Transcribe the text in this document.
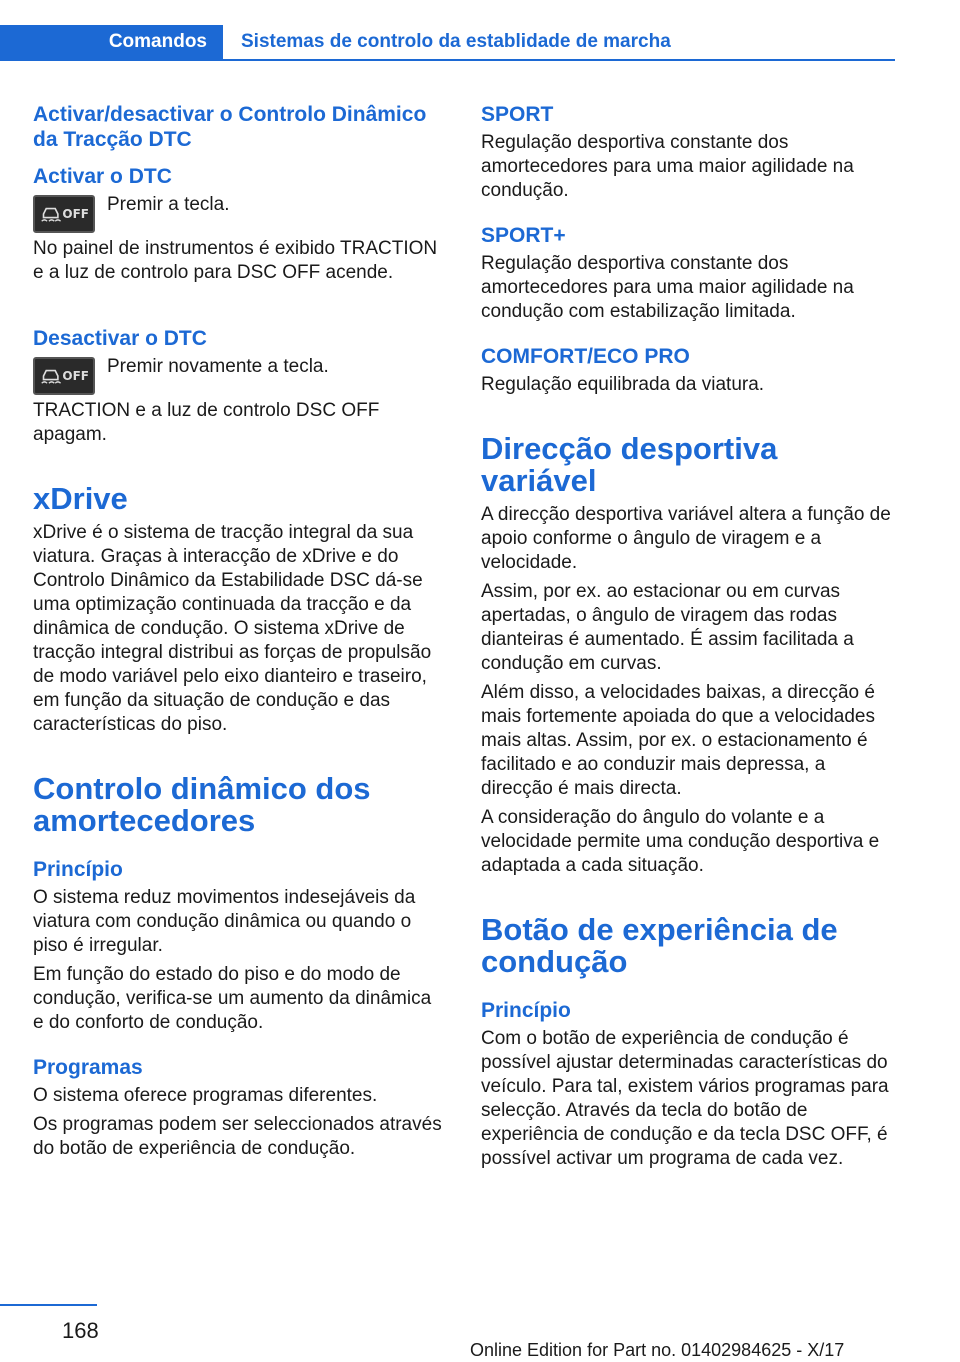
Comandos	Sistemas de controlo da establidade de marcha
Activar/desactivar o Controlo Dinâmico da Tracção DTC
Activar o DTC
OFF Premir a tecla.

No painel de instrumentos é exibido TRACTION e a luz de controlo para DSC OFF acende.

Desactivar o DTC
OFF Premir novamente a tecla.

TRACTION e a luz de controlo DSC OFF apagam.

xDrive

xDrive é o sistema de tracção integral da sua viatura. Graças à interacção de xDrive e do Controlo Dinâmico da Estabilidade DSC dá-se uma optimização continuada da tracção e da dinâmica de condução. O sistema xDrive de tracção integral distribui as forças de propulsão de modo variável pelo eixo dianteiro e traseiro, em função da situação de condução e das características do piso.

Controlo dinâmico dos amortecedores
Princípio

O sistema reduz movimentos indesejáveis da viatura com condução dinâmica ou quando o piso é irregular.

Em função do estado do piso e do modo de condução, verifica-se um aumento da dinâmica e do conforto de condução.

Programas

O sistema oferece programas diferentes.

Os programas podem ser seleccionados através do botão de experiência de condução.

SPORT

Regulação desportiva constante dos amortecedores para uma maior agilidade na condução.

SPORT+

Regulação desportiva constante dos amortecedores para uma maior agilidade na condução com estabilização limitada.

COMFORT/ECO PRO

Regulação equilibrada da viatura.

Direcção desportiva variável

A direcção desportiva variável altera a função de apoio conforme o ângulo de viragem e a velocidade.

Assim, por ex. ao estacionar ou em curvas apertadas, o ângulo de viragem das rodas dianteiras é aumentado. É assim facilitada a condução em curvas.

Além disso, a velocidades baixas, a direcção é mais fortemente apoiada do que a velocidades mais altas. Assim, por ex. o estacionamento é facilitado e ao conduzir mais depressa, a direcção é mais directa.

A consideração do ângulo do volante e a velocidade permite uma condução desportiva e adaptada a cada situação.

Botão de experiência de condução
Princípio

Com o botão de experiência de condução é possível ajustar determinadas características do veículo. Para tal, existem vários programas para selecção. Através da tecla do botão de experiência de condução e da tecla DSC OFF, é possível activar um programa de cada vez.

168
Online Edition for Part no. 01402984625 - X/17
